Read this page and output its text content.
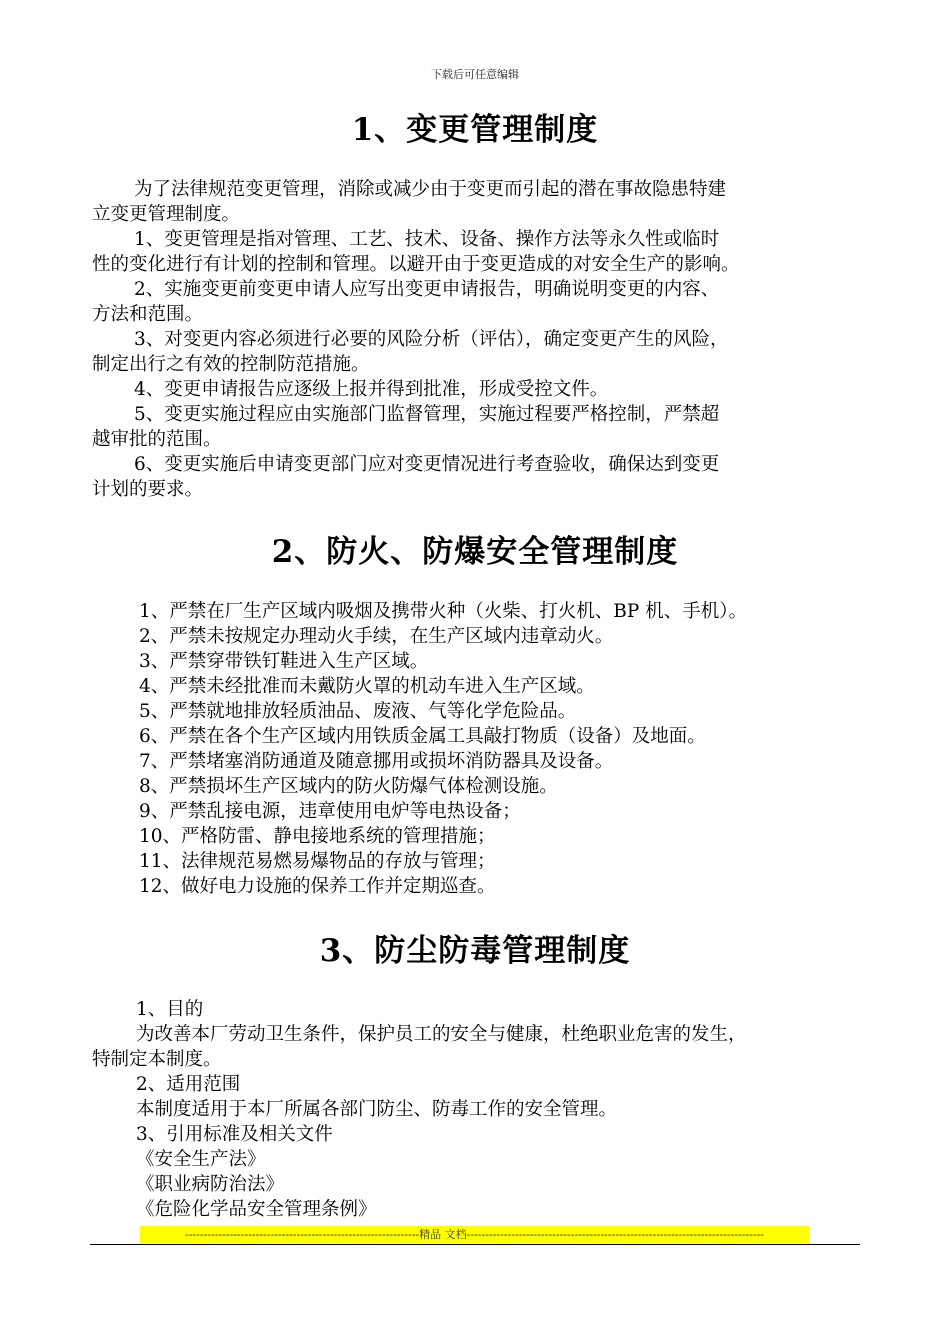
下载后可任意编辑
1、变更管理制度

为了法律规范变更管理，消除或减少由于变更而引起的潜在事故隐患特建

立变更管理制度。

1、变更管理是指对管理、工艺、技术、设备、操作方法等永久性或临时

性的变化进行有计划的控制和管理。以避开由于变更造成的对安全生产的影响。

2、实施变更前变更申请人应写出变更申请报告，明确说明变更的内容、

方法和范围。

3、对变更内容必须进行必要的风险分析（评估），确定变更产生的风险，

制定出行之有效的控制防范措施。

4、变更申请报告应逐级上报并得到批准，形成受控文件。

5、变更实施过程应由实施部门监督管理，实施过程要严格控制，严禁超

越审批的范围。

6、变更实施后申请变更部门应对变更情况进行考查验收，确保达到变更

计划的要求。

2、防火、防爆安全管理制度

1、严禁在厂生产区域内吸烟及携带火种（火柴、打火机、BP 机、手机）。

2、严禁未按规定办理动火手续，在生产区域内违章动火。

3、严禁穿带铁钉鞋进入生产区域。

4、严禁未经批准而未戴防火罩的机动车进入生产区域。

5、严禁就地排放轻质油品、废液、气等化学危险品。

6、严禁在各个生产区域内用铁质金属工具敲打物质（设备）及地面。

7、严禁堵塞消防通道及随意挪用或损坏消防器具及设备。

8、严禁损坏生产区域内的防火防爆气体检测设施。

9、严禁乱接电源，违章使用电炉等电热设备；

10、严格防雷、静电接地系统的管理措施；

11、法律规范易燃易爆物品的存放与管理；

12、做好电力设施的保养工作并定期巡查。

3、防尘防毒管理制度

1、目的

为改善本厂劳动卫生条件，保护员工的安全与健康，杜绝职业危害的发生，

特制定本制度。

2、适用范围

本制度适用于本厂所属各部门防尘、防毒工作的安全管理。

3、引用标准及相关文件

《安全生产法》

《职业病防治法》

《危险化学品安全管理条例》

---------------------------------------------------------------精品 文档--------------------------------------------------------------------------------
